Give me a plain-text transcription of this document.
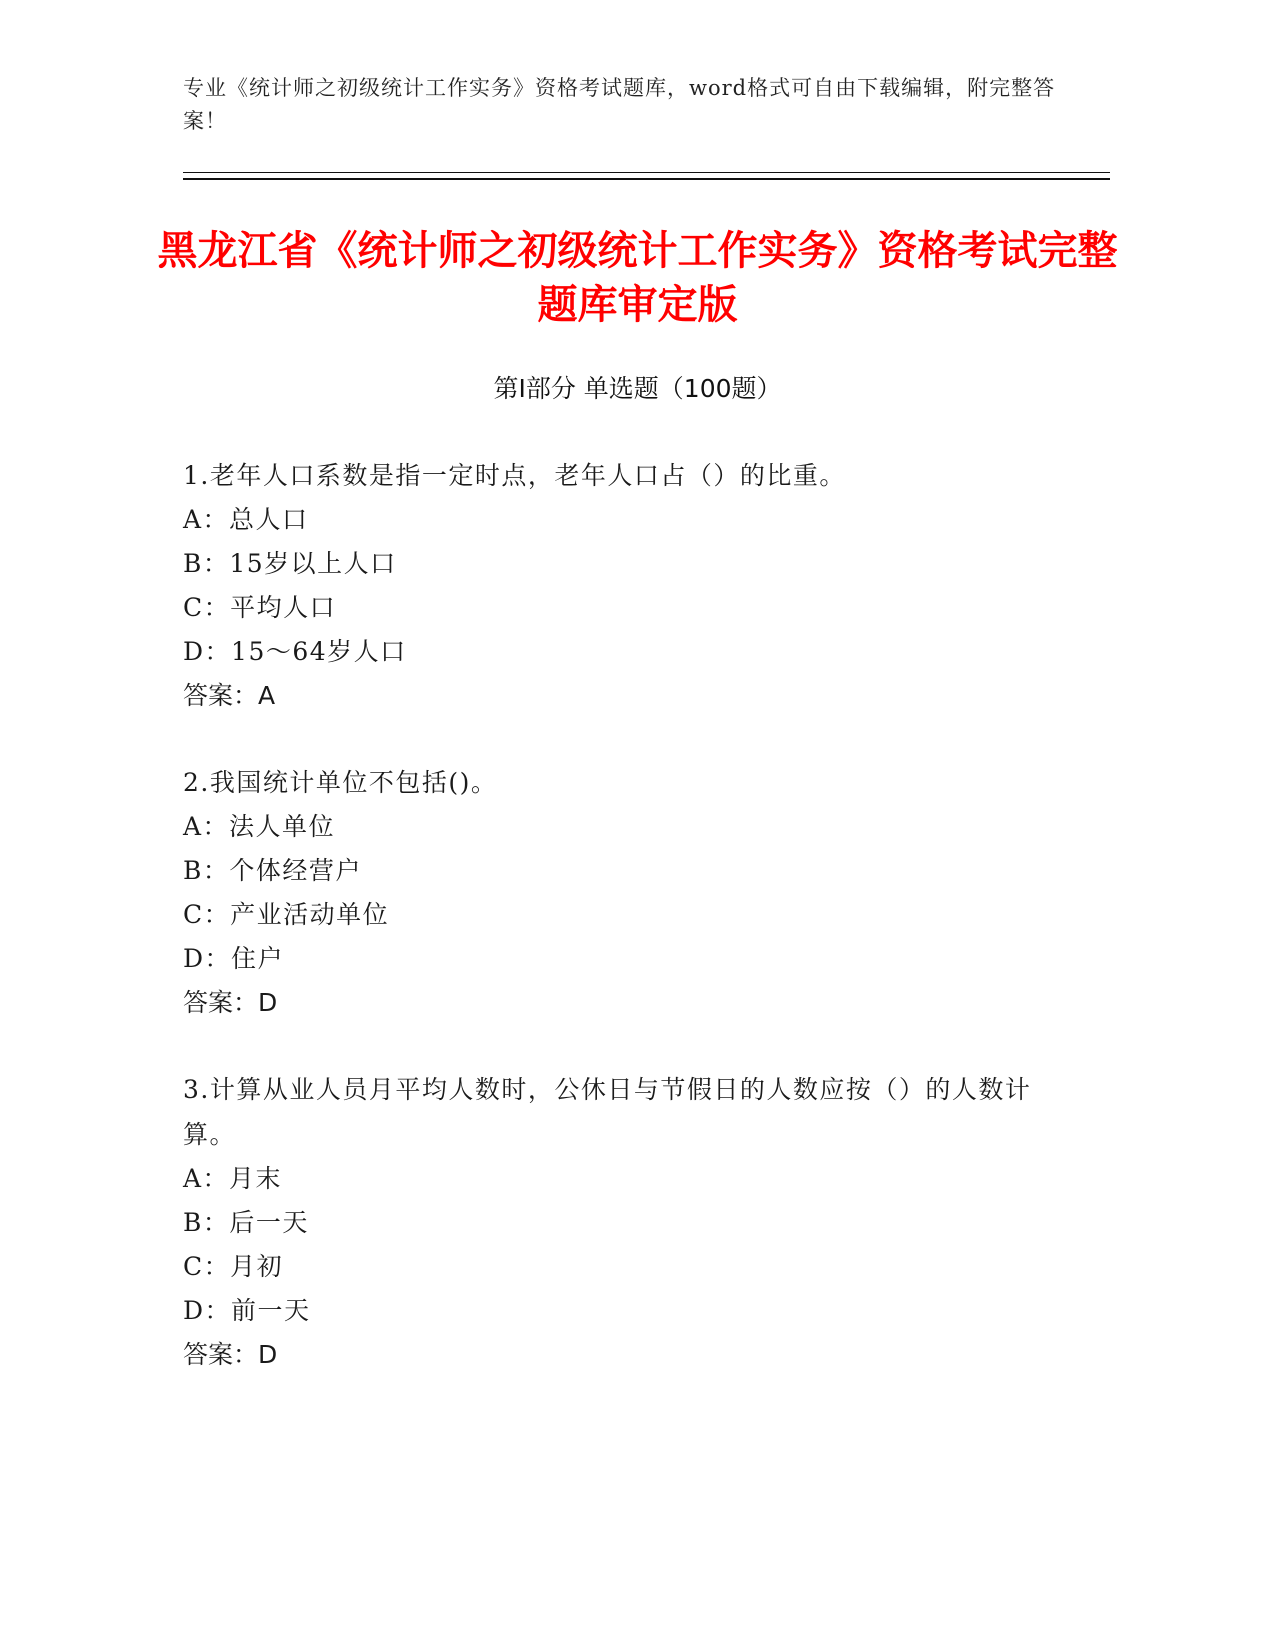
专业《统计师之初级统计工作实务》资格考试题库，word格式可自由下载编辑，附完整答案！
黑龙江省《统计师之初级统计工作实务》资格考试完整题库审定版
第Ⅰ部分 单选题（100题）

1.老年人口系数是指一定时点，老年人口占（）的比重。

A：总人口

B：15岁以上人口

C：平均人口

D：15～64岁人口

答案：A

2.我国统计单位不包括()。

A：法人单位

B：个体经营户

C：产业活动单位

D：住户

答案：D

3.计算从业人员月平均人数时，公休日与节假日的人数应按（）的人数计算。

A：月末

B：后一天

C：月初

D：前一天

答案：D
